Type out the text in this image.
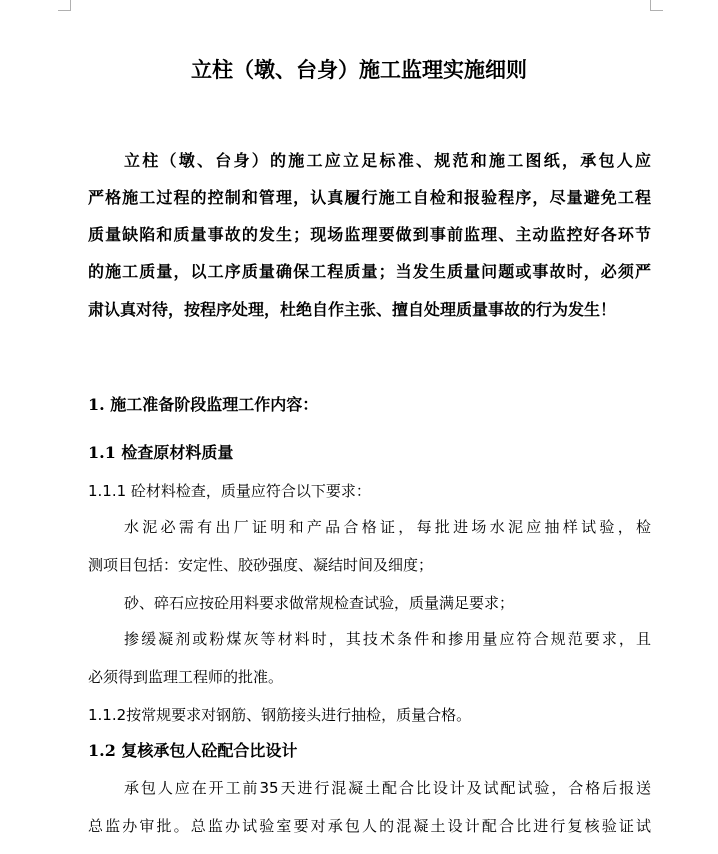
立柱（墩、台身）施工监理实施细则
立柱（墩、台身）的施工应立足标准、规范和施工图纸，承包人应
严格施工过程的控制和管理，认真履行施工自检和报验程序，尽量避免工程
质量缺陷和质量事故的发生；现场监理要做到事前监理、主动监控好各环节
的施工质量，以工序质量确保工程质量；当发生质量问题或事故时，必须严
肃认真对待，按程序处理，杜绝自作主张、擅自处理质量事故的行为发生！
1. 施工准备阶段监理工作内容：
1.1 检查原材料质量
1.1.1 砼材料检查，质量应符合以下要求：
水泥必需有出厂证明和产品合格证，每批进场水泥应抽样试验，检
测项目包括：安定性、胶砂强度、凝结时间及细度；
砂、碎石应按砼用料要求做常规检查试验，质量满足要求；
掺缓凝剂或粉煤灰等材料时，其技术条件和掺用量应符合规范要求，且
必须得到监理工程师的批准。
1.1.2按常规要求对钢筋、钢筋接头进行抽检，质量合格。
1.2 复核承包人砼配合比设计
承包人应在开工前35天进行混凝土配合比设计及试配试验，合格后报送
总监办审批。总监办试验室要对承包人的混凝土设计配合比进行复核验证试
